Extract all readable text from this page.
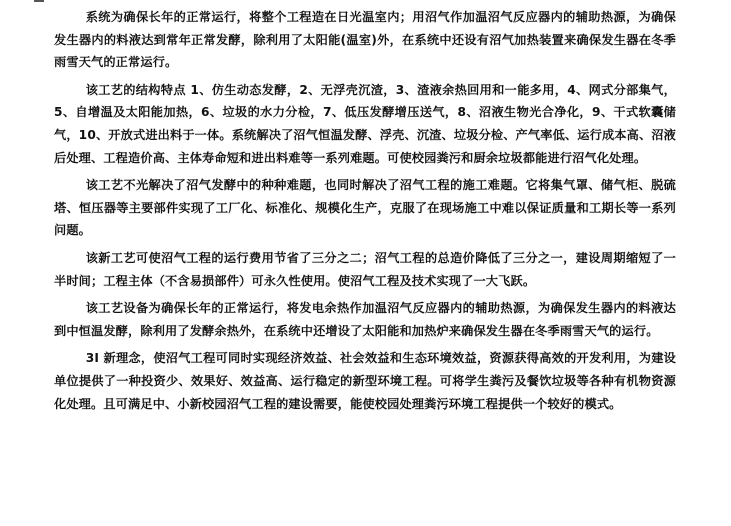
系统为确保长年的正常运行，将整个工程造在日光温室内；用沼气作加温沼气反应器内的辅助热源，为确保发生器内的料液达到常年正常发酵，除利用了太阳能(温室)外，在系统中还设有沼气加热装置来确保发生器在冬季雨雪天气的正常运行。

该工艺的结构特点 1、仿生动态发酵，2、无浮壳沉渣，3、渣液余热回用和一能多用，4、网式分部集气，5、自增温及太阳能加热，6、垃圾的水力分检，7、低压发酵增压送气，8、沼液生物光合净化，9、干式软囊储气，10、开放式进出料于一体。系统解决了沼气恒温发酵、浮壳、沉渣、垃圾分检、产气率低、运行成本高、沼液后处理、工程造价高、主体寿命短和进出料难等一系列难题。可使校园粪污和厨余垃圾都能进行沼气化处理。

该工艺不光解决了沼气发酵中的种种难题，也同时解决了沼气工程的施工难题。它将集气罩、储气柜、脱硫塔、恒压器等主要部件实现了工厂化、标准化、规模化生产，克服了在现场施工中难以保证质量和工期长等一系列问题。

该新工艺可使沼气工程的运行费用节省了三分之二；沼气工程的总造价降低了三分之一，建设周期缩短了一半时间；工程主体（不含易损部件）可永久性使用。使沼气工程及技术实现了一大飞跃。

该工艺设备为确保长年的正常运行，将发电余热作加温沼气反应器内的辅助热源，为确保发生器内的料液达到中恒温发酵，除利用了发酵余热外，在系统中还增设了太阳能和加热炉来确保发生器在冬季雨雪天气的运行。

3I 新理念，使沼气工程可同时实现经济效益、社会效益和生态环境效益，资源获得高效的开发利用，为建设单位提供了一种投资少、效果好、效益高、运行稳定的新型环境工程。可将学生粪污及餐饮垃圾等各种有机物资源化处理。且可满足中、小新校园沼气工程的建设需要，能使校园处理粪污环境工程提供一个较好的模式。
